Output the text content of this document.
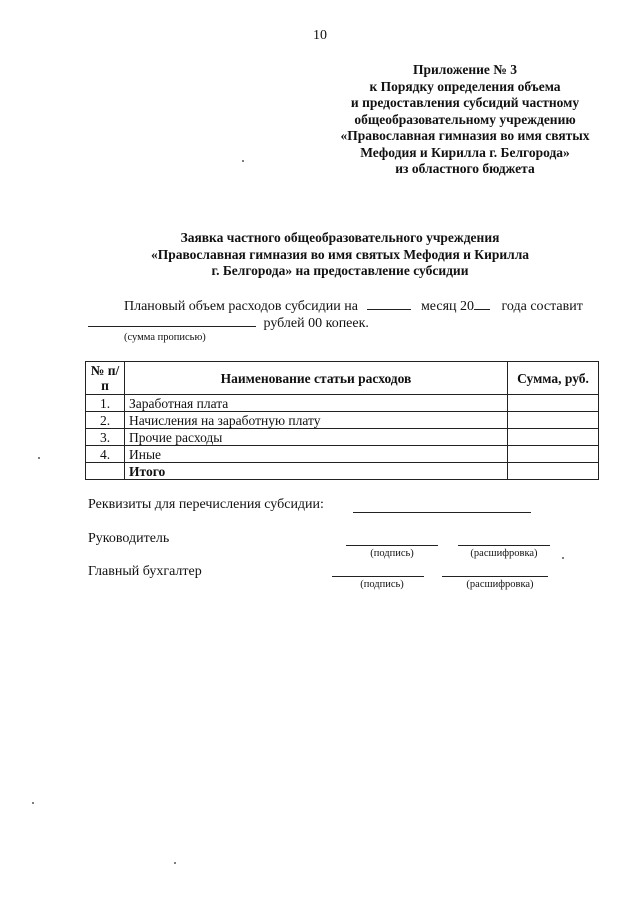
10
Приложение № 3
к Порядку определения объема
и предоставления субсидий частному
общеобразовательному учреждению
«Православная гимназия во имя святых
Мефодия и Кирилла г. Белгорода»
из областного бюджета
Заявка частного общеобразовательного учреждения
«Православная гимназия во имя святых Мефодия и Кирилла
г. Белгорода» на предоставление субсидии
Плановый объем расходов субсидии на	месяц 20 года составит
рублей 00 копеек.
(сумма прописью)
№ п/п	Наименование статьи расходов	Сумма, руб.
1.	Заработная плата	
2.	Начисления на заработную плату	
3.	Прочие расходы	
4.	Иные	
	Итого	
Реквизиты для перечисления субсидии:
Руководитель
(подпись)	(расшифровка)
Главный бухгалтер
(подпись)	(расшифровка)
